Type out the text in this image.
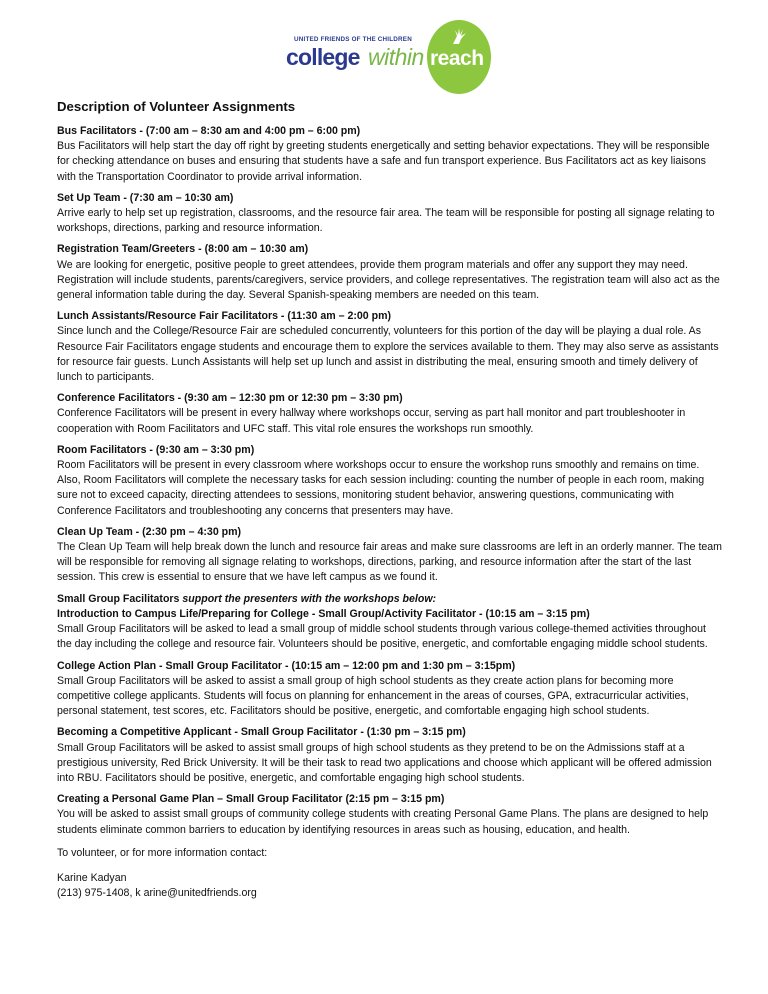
UNITED FRIENDS OF THE CHILDREN
college within reach
Description of Volunteer Assignments
Bus Facilitators - (7:00 am – 8:30 am and 4:00 pm – 6:00 pm)
Bus Facilitators will help start the day off right by greeting students energetically and setting behavior expectations. They will be responsible for checking attendance on buses and ensuring that students have a safe and fun transport experience. Bus Facilitators act as key liaisons with the Transportation Coordinator to provide arrival information.
Set Up Team - (7:30 am – 10:30 am)
Arrive early to help set up registration, classrooms, and the resource fair area. The team will be responsible for posting all signage relating to workshops, directions, parking and resource information.
Registration Team/Greeters - (8:00 am – 10:30 am)
We are looking for energetic, positive people to greet attendees, provide them program materials and offer any support they may need. Registration will include students, parents/caregivers, service providers, and college representatives. The registration team will also act as the general information table during the day. Several Spanish-speaking members are needed on this team.
Lunch Assistants/Resource Fair Facilitators - (11:30 am – 2:00 pm)
Since lunch and the College/Resource Fair are scheduled concurrently, volunteers for this portion of the day will be playing a dual role. As Resource Fair Facilitators engage students and encourage them to explore the services available to them. They may also serve as assistants for resource fair guests. Lunch Assistants will help set up lunch and assist in distributing the meal, ensuring smooth and timely delivery of lunch to participants.
Conference Facilitators - (9:30 am – 12:30 pm or 12:30 pm – 3:30 pm)
Conference Facilitators will be present in every hallway where workshops occur, serving as part hall monitor and part troubleshooter in cooperation with Room Facilitators and UFC staff. This vital role ensures the workshops run smoothly.
Room Facilitators - (9:30 am – 3:30 pm)
Room Facilitators will be present in every classroom where workshops occur to ensure the workshop runs smoothly and remains on time. Also, Room Facilitators will complete the necessary tasks for each session including: counting the number of people in each room, making sure not to exceed capacity, directing attendees to sessions, monitoring student behavior, answering questions, communicating with Conference Facilitators and troubleshooting any concerns that presenters may have.
Clean Up Team - (2:30 pm – 4:30 pm)
The Clean Up Team will help break down the lunch and resource fair areas and make sure classrooms are left in an orderly manner. The team will be responsible for removing all signage relating to workshops, directions, parking, and resource information after the start of the last session. This crew is essential to ensure that we have left campus as we found it.
Small Group Facilitators support the presenters with the workshops below:
Introduction to Campus Life/Preparing for College - Small Group/Activity Facilitator - (10:15 am – 3:15 pm)
Small Group Facilitators will be asked to lead a small group of middle school students through various college-themed activities throughout the day including the college and resource fair. Volunteers should be positive, energetic, and comfortable engaging middle school students.
College Action Plan - Small Group Facilitator - (10:15 am – 12:00 pm and 1:30 pm – 3:15pm)
Small Group Facilitators will be asked to assist a small group of high school students as they create action plans for becoming more competitive college applicants. Students will focus on planning for enhancement in the areas of courses, GPA, extracurricular activities, personal statement, test scores, etc. Facilitators should be positive, energetic, and comfortable engaging high school students.
Becoming a Competitive Applicant - Small Group Facilitator - (1:30 pm – 3:15 pm)
Small Group Facilitators will be asked to assist small groups of high school students as they pretend to be on the Admissions staff at a prestigious university, Red Brick University. It will be their task to read two applications and choose which applicant will be offered admission into RBU. Facilitators should be positive, energetic, and comfortable engaging high school students.
Creating a Personal Game Plan – Small Group Facilitator (2:15 pm – 3:15 pm)
You will be asked to assist small groups of community college students with creating Personal Game Plans. The plans are designed to help students eliminate common barriers to education by identifying resources in areas such as housing, education, and health.
To volunteer, or for more information contact:
Karine Kadyan
(213) 975-1408, k arine@unitedfriends.org
